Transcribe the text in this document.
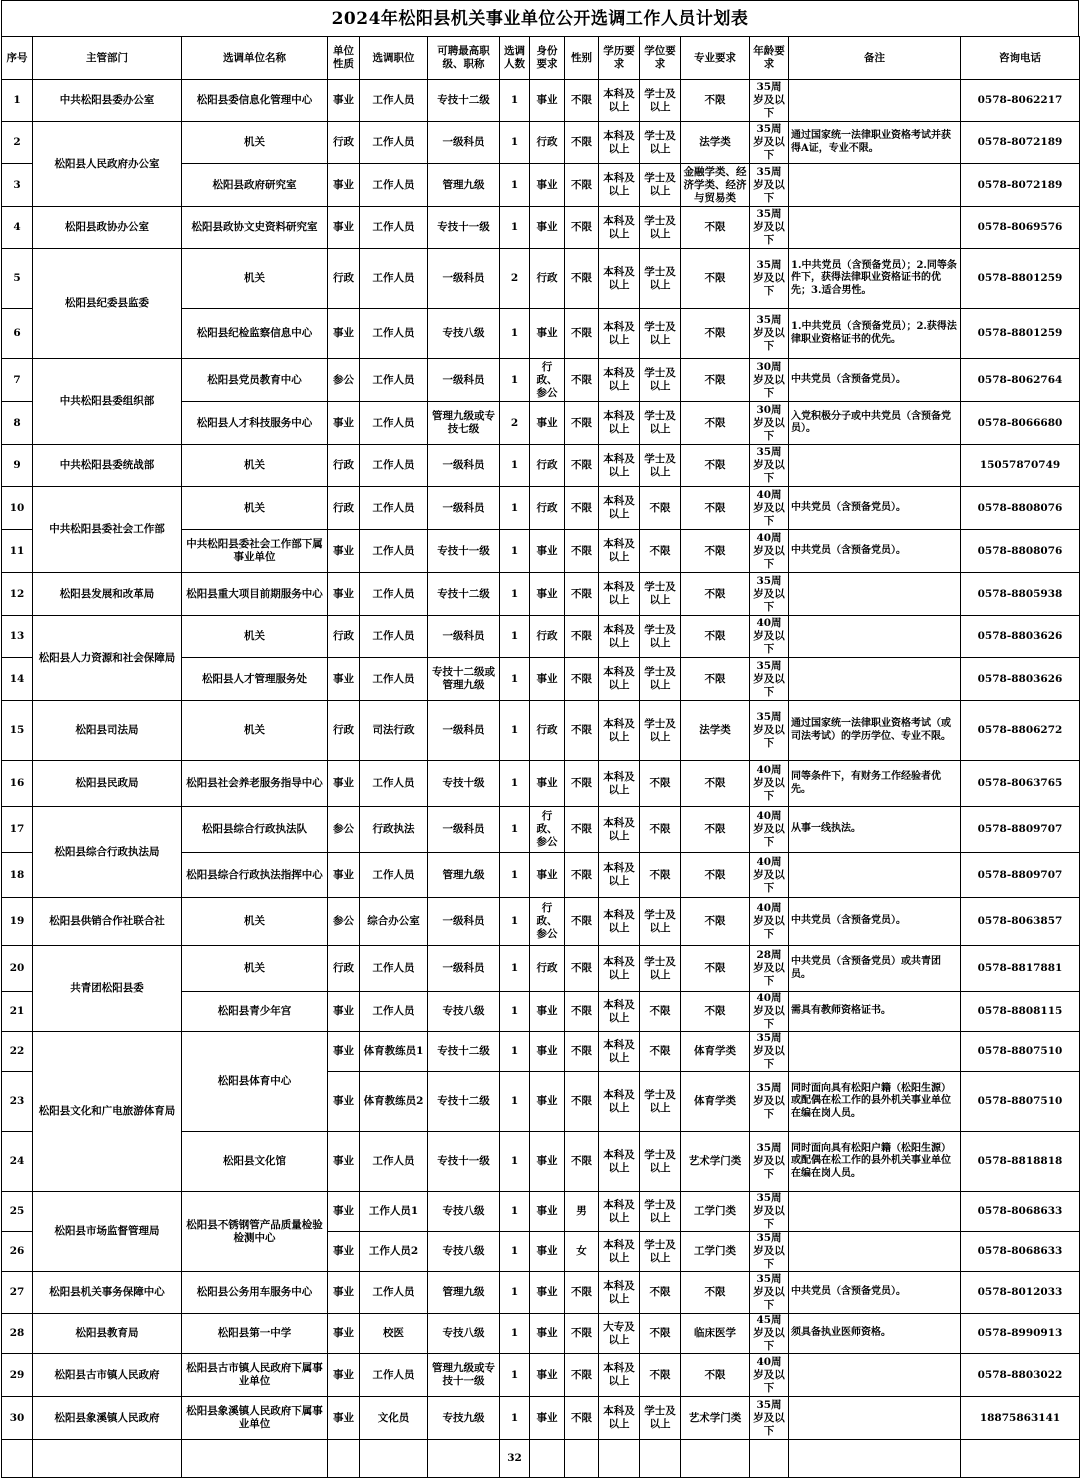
2024年松阳县机关事业单位公开选调工作人员计划表
序号	主管部门	选调单位名称	单位性质	选调职位	可聘最高职级、职称	选调人数	身份要求	性别	学历要求	学位要求	专业要求	年龄要求	备注	咨询电话
1	中共松阳县委办公室	松阳县委信息化管理中心	事业	工作人员	专技十二级	1	事业	不限	本科及以上	学士及以上	不限	35周岁及以下		0578-8062217
2	松阳县人民政府办公室	机关	行政	工作人员	一级科员	1	行政	不限	本科及以上	学士及以上	法学类	35周岁及以下	通过国家统一法律职业资格考试并获得A证，专业不限。	0578-8072189
3		松阳县政府研究室	事业	工作人员	管理九级	1	事业	不限	本科及以上	学士及以上	金融学类、经济学类、经济与贸易类	35周岁及以下		0578-8072189
4	松阳县政协办公室	松阳县政协文史资料研究室	事业	工作人员	专技十一级	1	事业	不限	本科及以上	学士及以上	不限	35周岁及以下		0578-8069576
5	松阳县纪委县监委	机关	行政	工作人员	一级科员	2	行政	不限	本科及以上	学士及以上	不限	35周岁及以下	1.中共党员（含预备党员）；2.同等条件下，获得法律职业资格证书的优先；3.适合男性。	0578-8801259
6		松阳县纪检监察信息中心	事业	工作人员	专技八级	1	事业	不限	本科及以上	学士及以上	不限	35周岁及以下	1.中共党员（含预备党员）；2.获得法律职业资格证书的优先。	0578-8801259
7	中共松阳县委组织部	松阳县党员教育中心	参公	工作人员	一级科员	1	行政、参公	不限	本科及以上	学士及以上	不限	30周岁及以下	中共党员（含预备党员）。	0578-8062764
8		松阳县人才科技服务中心	事业	工作人员	管理九级或专技七级	2	事业	不限	本科及以上	学士及以上	不限	30周岁及以下	入党积极分子或中共党员（含预备党员）。	0578-8066680
9	中共松阳县委统战部	机关	行政	工作人员	一级科员	1	行政	不限	本科及以上	学士及以上	不限	35周岁及以下		15057870749
10	中共松阳县委社会工作部	机关	行政	工作人员	一级科员	1	行政	不限	本科及以上	不限	不限	40周岁及以下	中共党员（含预备党员）。	0578-8808076
11		中共松阳县委社会工作部下属事业单位	事业	工作人员	专技十一级	1	事业	不限	本科及以上	不限	不限	40周岁及以下	中共党员（含预备党员）。	0578-8808076
12	松阳县发展和改革局	松阳县重大项目前期服务中心	事业	工作人员	专技十二级	1	事业	不限	本科及以上	学士及以上	不限	35周岁及以下		0578-8805938
13	松阳县人力资源和社会保障局	机关	行政	工作人员	一级科员	1	行政	不限	本科及以上	学士及以上	不限	40周岁及以下		0578-8803626
14		松阳县人才管理服务处	事业	工作人员	专技十二级或管理九级	1	事业	不限	本科及以上	学士及以上	不限	35周岁及以下		0578-8803626
15	松阳县司法局	机关	行政	司法行政	一级科员	1	行政	不限	本科及以上	学士及以上	法学类	35周岁及以下	通过国家统一法律职业资格考试（或司法考试）的学历学位、专业不限。	0578-8806272
16	松阳县民政局	松阳县社会养老服务指导中心	事业	工作人员	专技十级	1	事业	不限	本科及以上	不限	不限	40周岁及以下	同等条件下，有财务工作经验者优先。	0578-8063765
17	松阳县综合行政执法局	松阳县综合行政执法队	参公	行政执法	一级科员	1	行政、参公	不限	本科及以上	不限	不限	40周岁及以下	从事一线执法。	0578-8809707
18		松阳县综合行政执法指挥中心	事业	工作人员	管理九级	1	事业	不限	本科及以上	不限	不限	40周岁及以下		0578-8809707
19	松阳县供销合作社联合社	机关	参公	综合办公室	一级科员	1	行政、参公	不限	本科及以上	学士及以上	不限	40周岁及以下	中共党员（含预备党员）。	0578-8063857
20	共青团松阳县委	机关	行政	工作人员	一级科员	1	行政	不限	本科及以上	学士及以上	不限	28周岁及以下	中共党员（含预备党员）或共青团员。	0578-8817881
21		松阳县青少年宫	事业	工作人员	专技八级	1	事业	不限	本科及以上	不限	不限	40周岁及以下	需具有教师资格证书。	0578-8808115
22	松阳县文化和广电旅游体育局	松阳县体育中心	事业	体育教练员1	专技十二级	1	事业	不限	本科及以上	不限	体育学类	35周岁及以下		0578-8807510
23			事业	体育教练员2	专技十二级	1	事业	不限	本科及以上	学士及以上	体育学类	35周岁及以下	同时面向具有松阳户籍（松阳生源）或配偶在松工作的县外机关事业单位在编在岗人员。	0578-8807510
24		松阳县文化馆	事业	工作人员	专技十一级	1	事业	不限	本科及以上	学士及以上	艺术学门类	35周岁及以下	同时面向具有松阳户籍（松阳生源）或配偶在松工作的县外机关事业单位在编在岗人员。	0578-8818818
25	松阳县市场监督管理局	松阳县不锈钢管产品质量检验检测中心	事业	工作人员1	专技八级	1	事业	男	本科及以上	学士及以上	工学门类	35周岁及以下		0578-8068633
26			事业	工作人员2	专技八级	1	事业	女	本科及以上	学士及以上	工学门类	35周岁及以下		0578-8068633
27	松阳县机关事务保障中心	松阳县公务用车服务中心	事业	工作人员	管理九级	1	事业	不限	本科及以上	不限	不限	35周岁及以下	中共党员（含预备党员）。	0578-8012033
28	松阳县教育局	松阳县第一中学	事业	校医	专技八级	1	事业	不限	大专及以上	不限	临床医学	45周岁及以下	须具备执业医师资格。	0578-8990913
29	松阳县古市镇人民政府	松阳县古市镇人民政府下属事业单位	事业	工作人员	管理九级或专技十一级	1	事业	不限	本科及以上	不限	不限	40周岁及以下		0578-8803022
30	松阳县象溪镇人民政府	松阳县象溪镇人民政府下属事业单位	事业	文化员	专技九级	1	事业	不限	本科及以上	学士及以上	艺术学门类	35周岁及以下		18875863141
						32								
